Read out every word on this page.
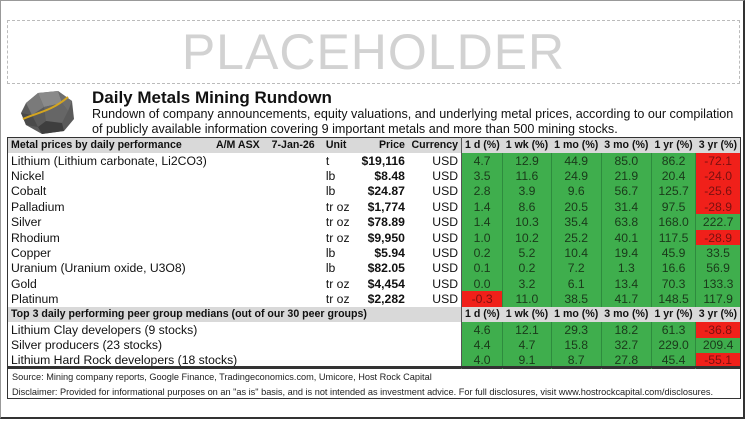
PLACEHOLDER
Daily Metals Mining Rundown
Rundown of company announcements, equity valuations, and underlying metal prices, according to our compilation of publicly available information covering 9 important metals and more than 500 mining stocks.
Metal prices by daily performance	A/M ASX	7-Jan-26	Unit	Price	Currency	1 d (%)	1 wk (%)	1 mo (%)	3 mo (%)	1 yr (%)	3 yr (%)
Lithium (Lithium carbonate, Li2CO3)			t	$19,116	USD	4.7	12.9	44.9	85.0	86.2	-72.1
Nickel			lb	$8.48	USD	3.5	11.6	24.9	21.9	20.4	-24.0
Cobalt			lb	$24.87	USD	2.8	3.9	9.6	56.7	125.7	-25.6
Palladium			tr oz	$1,774	USD	1.4	8.6	20.5	31.4	97.5	-28.9
Silver			tr oz	$78.89	USD	1.4	10.3	35.4	63.8	168.0	222.7
Rhodium			tr oz	$9,950	USD	1.0	10.2	25.2	40.1	117.5	-28.9
Copper			lb	$5.94	USD	0.2	5.2	10.4	19.4	45.9	33.5
Uranium (Uranium oxide, U3O8)			lb	$82.05	USD	0.1	0.2	7.2	1.3	16.6	56.9
Gold			tr oz	$4,454	USD	0.0	3.2	6.1	13.4	70.3	133.3
Platinum			tr oz	$2,282	USD	-0.3	11.0	38.5	41.7	148.5	117.9
Top 3 daily performing peer group medians (out of our 30 peer groups)						1 d (%)	1 wk (%)	1 mo (%)	3 mo (%)	1 yr (%)	3 yr (%)
Lithium Clay developers (9 stocks)						4.6	12.1	29.3	18.2	61.3	-36.8
Silver producers (23 stocks)						4.4	4.7	15.8	32.7	229.0	209.4
Lithium Hard Rock developers (18 stocks)						4.0	9.1	8.7	27.8	45.4	-55.1
Source: Mining company reports, Google Finance, Tradingeconomics.com, Umicore, Host Rock Capital
Disclaimer: Provided for informational purposes on an "as is" basis, and is not intended as investment advice. For full disclosures, visit www.hostrockcapital.com/disclosures.
